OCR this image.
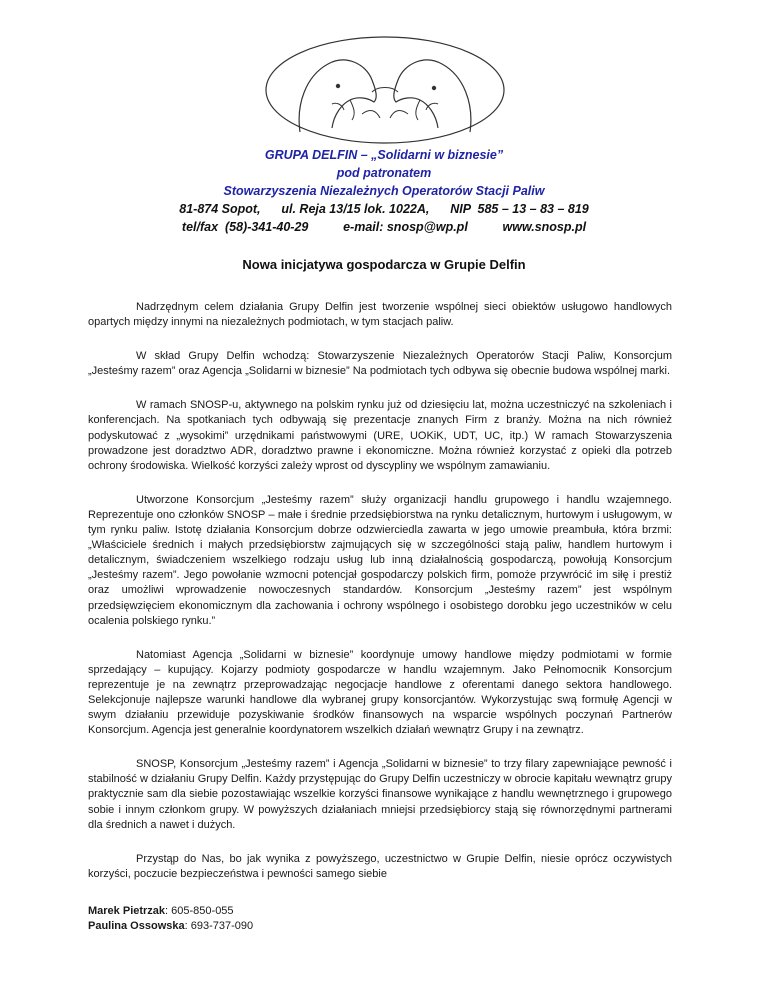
GRUPA DELFIN – „Solidarni w biznesie”
pod patronatem
Stowarzyszenia Niezależnych Operatorów Stacji Paliw
81-874 Sopot,      ul. Reja 13/15 lok. 1022A,      NIP  585 – 13 – 83 – 819
tel/fax  (58)-341-40-29          e-mail: snosp@wp.pl          www.snosp.pl
Nowa inicjatywa gospodarcza w Grupie Delfin

Nadrzędnym celem działania Grupy Delfin jest tworzenie wspólnej sieci obiektów usługowo handlowych opartych między innymi na niezależnych podmiotach, w tym stacjach paliw.

W skład Grupy Delfin wchodzą: Stowarzyszenie Niezależnych Operatorów Stacji Paliw, Konsorcjum „Jesteśmy razem” oraz Agencja „Solidarni w biznesie” Na podmiotach tych odbywa się obecnie budowa wspólnej marki.

W ramach SNOSP-u, aktywnego na polskim rynku już od dziesięciu lat, można uczestniczyć na szkoleniach i konferencjach. Na spotkaniach tych odbywają się prezentacje znanych Firm z branży. Można na nich również podyskutować z „wysokimi” urzędnikami państwowymi (URE, UOKiK, UDT, UC, itp.) W ramach Stowarzyszenia prowadzone jest doradztwo ADR, doradztwo prawne i ekonomiczne. Można również korzystać z opieki dla potrzeb ochrony środowiska. Wielkość korzyści zależy wprost od dyscypliny we wspólnym zamawianiu.

Utworzone Konsorcjum „Jesteśmy razem” służy organizacji handlu grupowego i handlu wzajemnego. Reprezentuje ono członków SNOSP – małe i średnie przedsiębiorstwa na rynku detalicznym, hurtowym i usługowym, w tym rynku paliw. Istotę działania Konsorcjum dobrze odzwierciedla zawarta w jego umowie preambuła, która brzmi: „Właściciele średnich i małych przedsiębiorstw zajmujących się w szczególności stają paliw, handlem hurtowym i detalicznym, świadczeniem wszelkiego rodzaju usług lub inną działalnością gospodarczą, powołują Konsorcjum „Jesteśmy razem”. Jego powołanie wzmocni potencjał gospodarczy polskich firm, pomoże przywrócić im siłę i prestiż oraz umożliwi wprowadzenie nowoczesnych standardów. Konsorcjum „Jesteśmy razem” jest wspólnym przedsięwzięciem ekonomicznym dla zachowania i ochrony wspólnego i osobistego dorobku jego uczestników w celu ocalenia polskiego rynku.”

Natomiast Agencja „Solidarni w biznesie” koordynuje umowy handlowe między podmiotami w formie sprzedający – kupujący. Kojarzy podmioty gospodarcze w handlu wzajemnym. Jako Pełnomocnik Konsorcjum reprezentuje je na zewnątrz przeprowadzając negocjacje handlowe z oferentami danego sektora handlowego. Selekcjonuje najlepsze warunki handlowe dla wybranej grupy konsorcjantów. Wykorzystując swą formułę Agencji w swym działaniu przewiduje pozyskiwanie środków finansowych na wsparcie wspólnych poczynań Partnerów Konsorcjum. Agencja jest generalnie koordynatorem wszelkich działań wewnątrz Grupy i na zewnątrz.

SNOSP, Konsorcjum „Jesteśmy razem” i Agencja „Solidarni w biznesie” to trzy filary zapewniające pewność i stabilność w działaniu Grupy Delfin. Każdy przystępując do Grupy Delfin uczestniczy w obrocie kapitału wewnątrz grupy praktycznie sam dla siebie pozostawiając wszelkie korzyści finansowe wynikające z handlu wewnętrznego i grupowego sobie i innym członkom grupy. W powyższych działaniach mniejsi przedsiębiorcy stają się równorzędnymi partnerami dla średnich a nawet i dużych.

Przystąp do Nas, bo jak wynika z powyższego, uczestnictwo w Grupie Delfin, niesie oprócz oczywistych korzyści, poczucie bezpieczeństwa i pewności samego siebie

Marek Pietrzak: 605-850-055
Paulina Ossowska: 693-737-090
